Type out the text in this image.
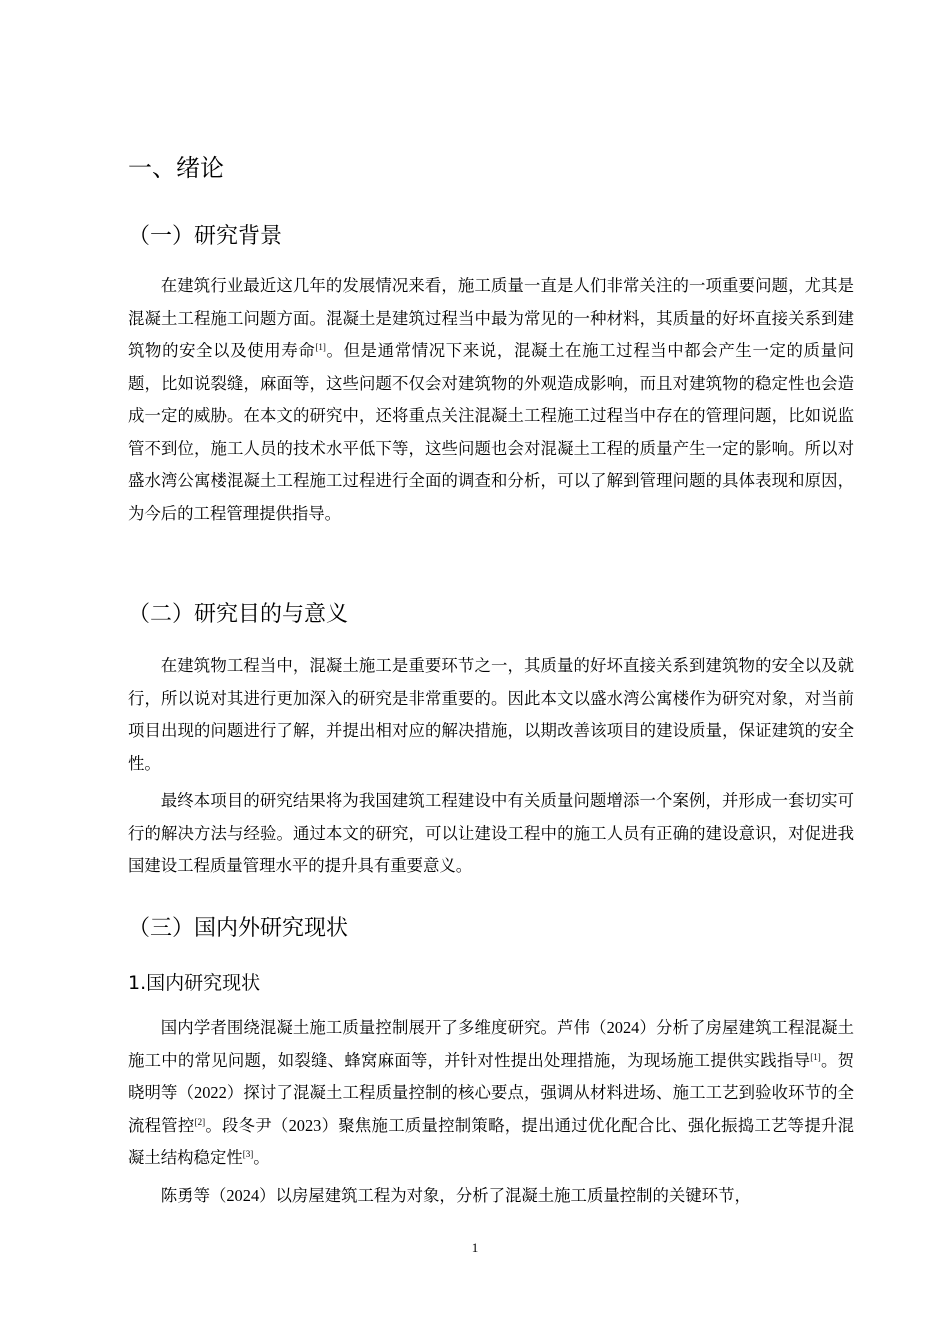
一、绪论
（一）研究背景

在建筑行业最近这几年的发展情况来看，施工质量一直是人们非常关注的一项重要问题，尤其是混凝土工程施工问题方面。混凝土是建筑过程当中最为常见的一种材料，其质量的好坏直接关系到建筑物的安全以及使用寿命[1]。但是通常情况下来说，混凝土在施工过程当中都会产生一定的质量问题，比如说裂缝，麻面等，这些问题不仅会对建筑物的外观造成影响，而且对建筑物的稳定性也会造成一定的威胁。在本文的研究中，还将重点关注混凝土工程施工过程当中存在的管理问题，比如说监管不到位，施工人员的技术水平低下等，这些问题也会对混凝土工程的质量产生一定的影响。所以对盛水湾公寓楼混凝土工程施工过程进行全面的调查和分析，可以了解到管理问题的具体表现和原因，为今后的工程管理提供指导。

（二）研究目的与意义

在建筑物工程当中，混凝土施工是重要环节之一，其质量的好坏直接关系到建筑物的安全以及就行，所以说对其进行更加深入的研究是非常重要的。因此本文以盛水湾公寓楼作为研究对象，对当前项目出现的问题进行了解，并提出相对应的解决措施，以期改善该项目的建设质量，保证建筑的安全性。

最终本项目的研究结果将为我国建筑工程建设中有关质量问题增添一个案例，并形成一套切实可行的解决方法与经验。通过本文的研究，可以让建设工程中的施工人员有正确的建设意识，对促进我国建设工程质量管理水平的提升具有重要意义。

（三）国内外研究现状
1.国内研究现状

国内学者围绕混凝土施工质量控制展开了多维度研究。芦伟（2024）分析了房屋建筑工程混凝土施工中的常见问题，如裂缝、蜂窝麻面等，并针对性提出处理措施，为现场施工提供实践指导[1]。贺晓明等（2022）探讨了混凝土工程质量控制的核心要点，强调从材料进场、施工工艺到验收环节的全流程管控[2]。段冬尹（2023）聚焦施工质量控制策略，提出通过优化配合比、强化振捣工艺等提升混凝土结构稳定性[3]。

陈勇等（2024）以房屋建筑工程为对象，分析了混凝土施工质量控制的关键环节，

1
